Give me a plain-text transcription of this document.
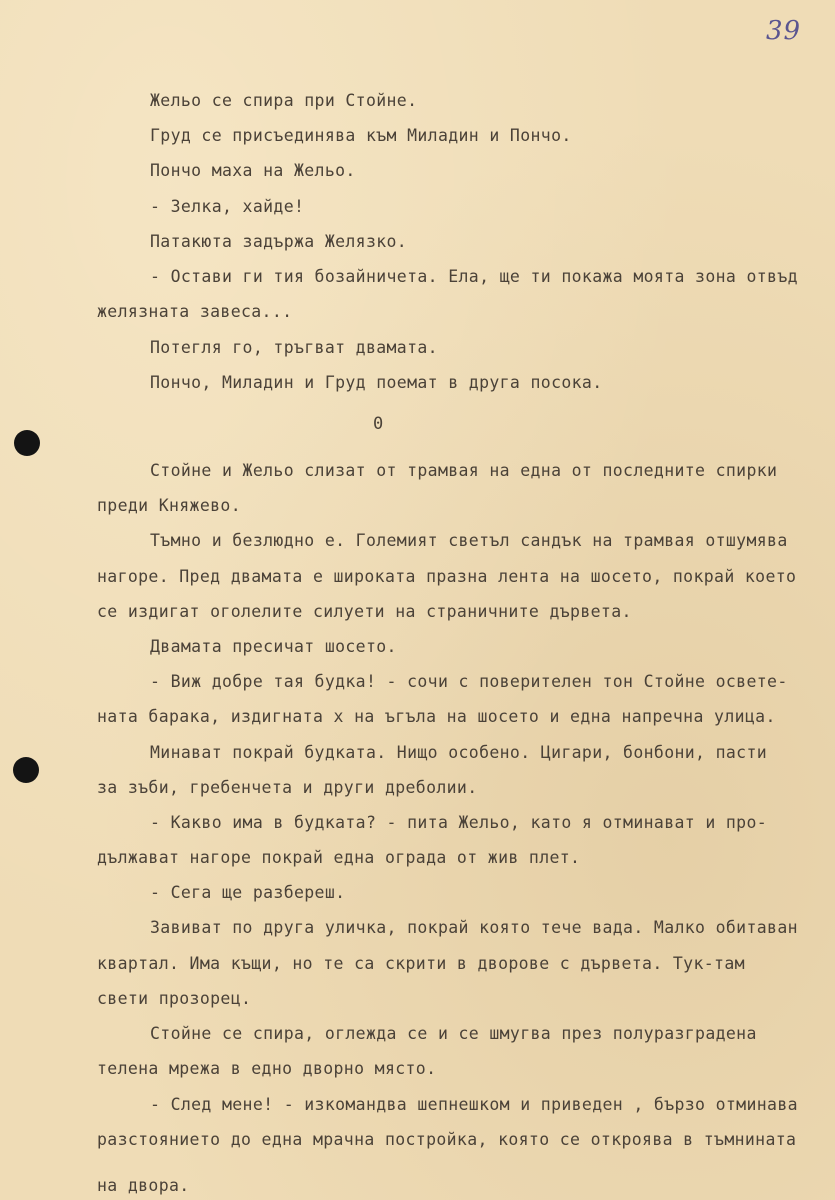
39
Жельо се спира при Стойне.
Груд се присъединява към Миладин и Пончо.
Пончо маха на Жельо.
- Зелка, хайде!
Патакюта задържа Желязко.
- Остави ги тия бозайничета. Ела, ще ти покажа моята зона отвъд
желязната завеса...
Потегля го, тръгват двамата.
Пончо, Миладин и Груд поемат в друга посока.
0
Стойне и Жельо слизат от трамвая на една от последните спирки
преди Княжево.
Тъмно и безлюдно е. Големият светъл сандък на трамвая отшумява
нагоре. Пред двамата е широката празна лента на шосето, покрай което
се издигат оголелите силуети на страничните дървета.
Двамата пресичат шосето.
- Виж добре тая будка! - сочи с поверителен тон Стойне осветe-
ната барака, издигната x на ъгъла на шосето и една напречна улица.
Минават покрай будката. Нищо особено. Цигари, бонбони, пасти
за зъби, гребенчета и други дреболии.
- Какво има в будката? - пита Жельо, като я отминават и про-
дължават нагоре покрай една ограда от жив плет.
- Сега ще разбереш.
Завиват по друга уличка, покрай която тече вада. Малко обитаван
квартал. Има къщи, но те са скрити в дворове с дървета. Тук-там
свети прозорец.
Стойне се спира, оглежда се и се шмугва през полуразградена
телена мрежа в едно дворно място.
- След мене! - изкомандва шепнешком и приведен , бързо отминава
разстоянието до една мрачна постройка, която се откроява в тъмнината
на двора.
